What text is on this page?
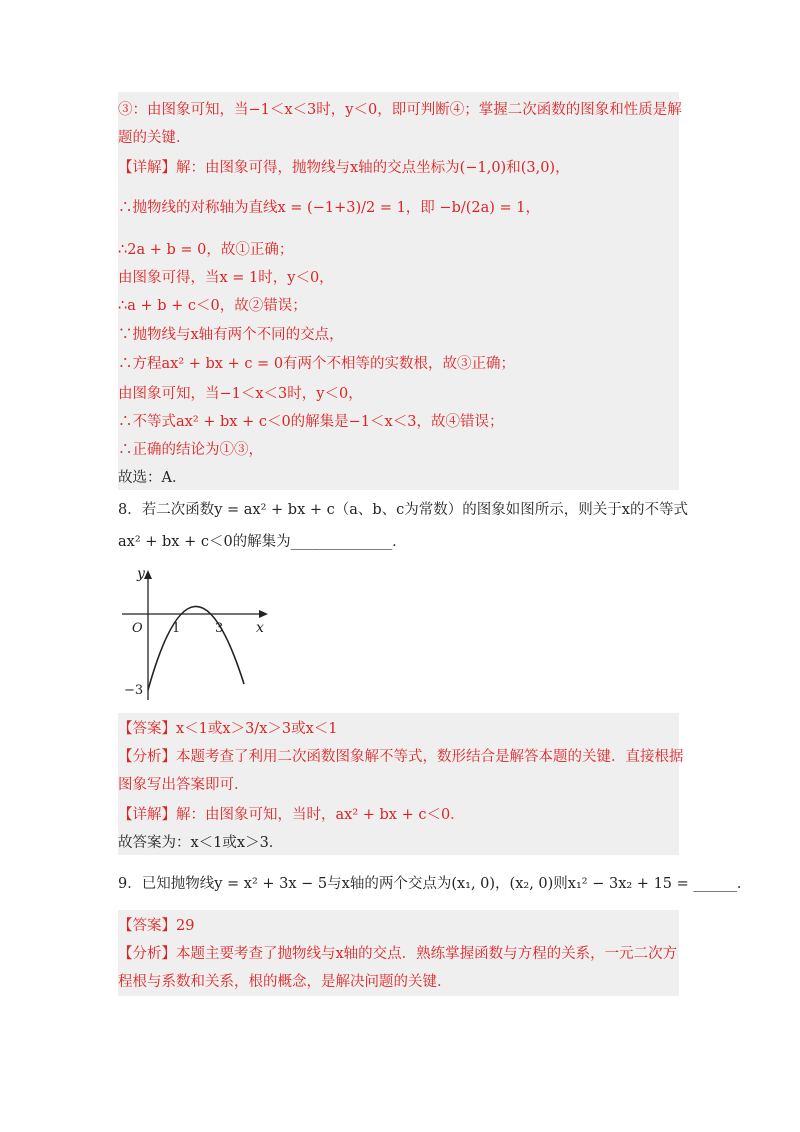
③：由图象可知，当−1＜x＜3时，y＜0，即可判断④；掌握二次函数的图象和性质是解
题的关键．
【详解】解：由图象可得，抛物线与x轴的交点坐标为(−1,0)和(3,0)，
∴抛物线的对称轴为直线x = (−1+3)/2 = 1，即 −b/(2a) = 1，
∴2a + b = 0，故①正确；
由图象可得，当x = 1时，y＜0，
∴a + b + c＜0，故②错误；
∵抛物线与x轴有两个不同的交点，
∴方程ax² + bx + c = 0有两个不相等的实数根，故③正确；
由图象可知，当−1＜x＜3时，y＜0，
∴不等式ax² + bx + c＜0的解集是−1＜x＜3，故④错误；
∴正确的结论为①③，
故选：A．
8．若二次函数y = ax² + bx + c（a、b、c为常数）的图象如图所示，则关于x的不等式
ax² + bx + c＜0的解集为______________．
y
x
O 1	3
−3
【答案】x＜1或x＞3/x＞3或x＜1
【分析】本题考查了利用二次函数图象解不等式，数形结合是解答本题的关键．直接根据
图象写出答案即可．
【详解】解：由图象可知，当时，ax² + bx + c＜0．
故答案为：x＜1或x＞3．
9．已知抛物线y = x² + 3x − 5与x轴的两个交点为(x₁, 0)，(x₂, 0)则x₁² − 3x₂ + 15 = ______．
【答案】29
【分析】本题主要考查了抛物线与x轴的交点．熟练掌握函数与方程的关系，一元二次方
程根与系数和关系，根的概念，是解决问题的关键．
